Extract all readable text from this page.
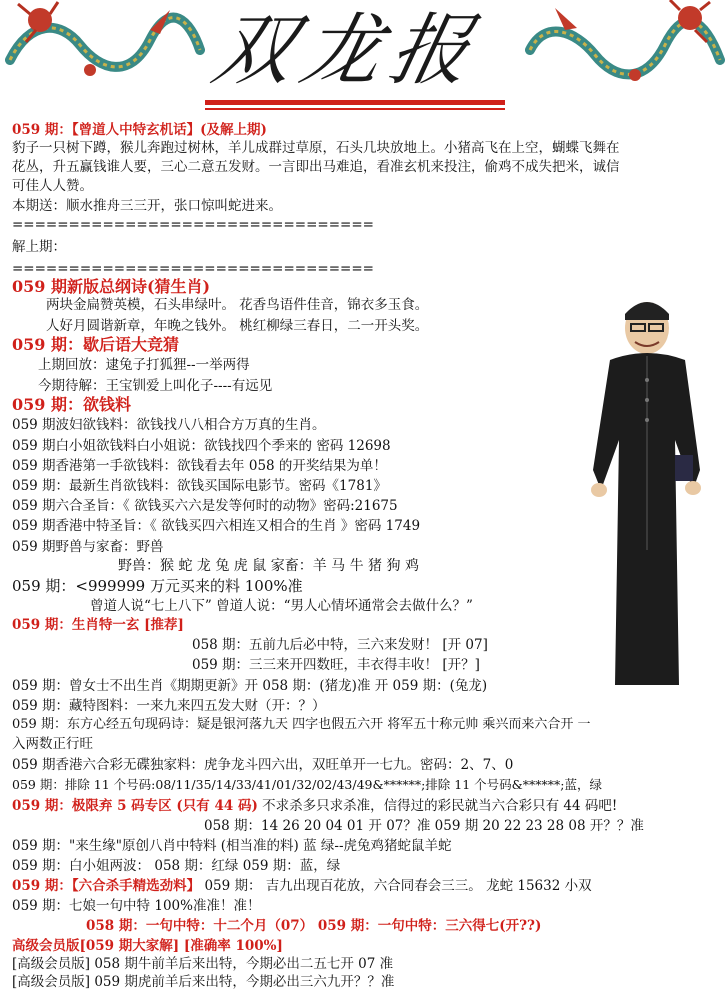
双龙报
059 期：【曾道人中特玄机话】(及解上期)
豹子一只树下蹲，猴儿奔跑过树林，羊儿成群过草原，石头几块放地上。小猪高飞在上空，蝴蝶飞舞在
花丛，升五赢钱谁人要，三心二意五发财。一言即出马难追，看准玄机来投注，偷鸡不成失把米，诚信
可佳人人赞。
本期送：顺水推舟三三开，张口惊叫蛇进来。
================================
解上期：
================================
059 期新版总纲诗(猜生肖)
两块金扁赞英模，石头串绿叶。 花香鸟语件佳音，锦衣多玉食。
人好月圆谐新章，年晚之钱外。 桃红柳绿三春日，二一开头奖。
059 期：歇后语大竞猜
上期回放：逮兔子打狐狸--一举两得
今期待解：王宝钏爱上叫化子----有远见
059 期：欲钱料
059 期波妇欲钱料：欲钱找八八相合方万真的生肖。
059 期白小姐欲钱料白小姐说：欲钱找四个季来的 密码 12698
059 期香港第一手欲钱料：欲钱看去年 058 的开奖结果为单！
059 期：最新生肖欲钱料：欲钱买国际电影节。密码《1781》
059 期六合圣旨：《 欲钱买六六是发等何时的动物》密码:21675
059 期香港中特圣旨：《 欲钱买四六相连又相合的生肖 》密码 1749
059 期野兽与家畜：野兽
野兽：猴 蛇 龙 兔 虎 鼠 家畜：羊 马 牛 猪 狗 鸡
059 期：<999999 万元买来的料 100%准
曾道人说“七上八下” 曾道人说：“男人心情坏通常会去做什么？”
059 期：生肖特一玄 [推荐]
058 期：五前九后必中特，三六来发财！ [开 07]
059 期：三三来开四数旺，丰衣得丰收！ [开？]
059 期：曾女士不出生肖《期期更新》开 058 期：(猪龙)准 开 059 期：(兔龙)
059 期：藏特图料：一来九来四五发大财（开：？）
059 期：东方心经五句现码诗：疑是银河落九天 四字也假五六开 将军五十称元帅 乘兴而来六合开 一
入两数正行旺
059 期香港六合彩无碟独家料：虎争龙斗四六出，双旺单开一七九。密码：2、7、0
059 期：排除 11 个号码:08/11/35/14/33/41/01/32/02/43/49&******;排除 11 个号码&******;蓝，绿
059 期：极限弃 5 码专区 (只有 44 码) 不求杀多只求杀准，信得过的彩民就当六合彩只有 44 码吧!
058 期：14 26 20 04 01 开 07？准 059 期 20 22 23 28 08 开？？准
059 期："来生缘"原创八肖中特料 (相当准的料) 蓝 绿--虎兔鸡猪蛇鼠羊蛇
059 期：白小姐两波： 058 期：红绿 059 期：蓝，绿
059 期：【六合杀手精选劲料】 059 期： 吉九出现百花放，六合同春会三三。 龙蛇 15632 小双
059 期：七娘一句中特 100%准准！准！
058 期：一句中特：十二个月（07） 059 期：一句中特：三六得七(开??)
高级会员版[059 期大家解] [准确率 100%]
[高级会员版] 058 期牛前羊后来出特，今期必出二五七开 07 准
[高级会员版] 059 期虎前羊后来出特，今期必出三六九开？？准
